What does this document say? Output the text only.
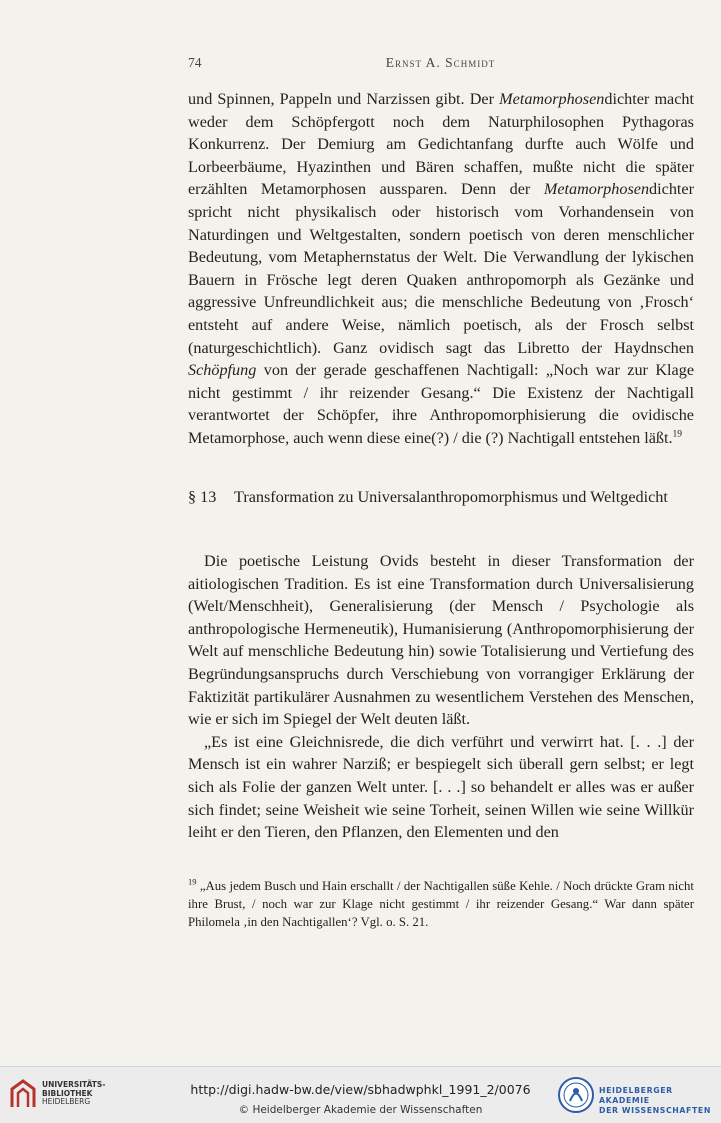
74	Ernst A. Schmidt

und Spinnen, Pappeln und Narzissen gibt. Der Metamorphosendichter macht weder dem Schöpfergott noch dem Naturphilosophen Pythagoras Konkurrenz. Der Demiurg am Gedichtanfang durfte auch Wölfe und Lorbeerbäume, Hyazinthen und Bären schaffen, mußte nicht die später erzählten Metamorphosen aussparen. Denn der Metamorphosendichter spricht nicht physikalisch oder historisch vom Vorhandensein von Naturdingen und Weltgestalten, sondern poetisch von deren menschlicher Bedeutung, vom Metaphernstatus der Welt. Die Verwandlung der lykischen Bauern in Frösche legt deren Quaken anthropomorph als Gezänke und aggressive Unfreundlichkeit aus; die menschliche Bedeutung von ‚Frosch‘ entsteht auf andere Weise, nämlich poetisch, als der Frosch selbst (naturgeschichtlich). Ganz ovidisch sagt das Libretto der Haydnschen Schöpfung von der gerade geschaffenen Nachtigall: „Noch war zur Klage nicht gestimmt / ihr reizender Gesang.“ Die Existenz der Nachtigall verantwortet der Schöpfer, ihre Anthropomorphisierung die ovidische Metamorphose, auch wenn diese eine(?) / die (?) Nachtigall entstehen läßt.$^{19}$

§ 13	Transformation zu Universalanthropomorphismus und Weltgedicht

Die poetische Leistung Ovids besteht in dieser Transformation der aitiologischen Tradition. Es ist eine Transformation durch Universalisierung (Welt/Menschheit), Generalisierung (der Mensch / Psychologie als anthropologische Hermeneutik), Humanisierung (Anthropomorphisierung der Welt auf menschliche Bedeutung hin) sowie Totalisierung und Vertiefung des Begründungsanspruchs durch Verschiebung von vorrangiger Erklärung der Faktizität partikulärer Ausnahmen zu wesentlichem Verstehen des Menschen, wie er sich im Spiegel der Welt deuten läßt.

„Es ist eine Gleichnisrede, die dich verführt und verwirrt hat. [. . .] der Mensch ist ein wahrer Narziß; er bespiegelt sich überall gern selbst; er legt sich als Folie der ganzen Welt unter. [. . .] so behandelt er alles was er außer sich findet; seine Weisheit wie seine Torheit, seinen Willen wie seine Willkür leiht er den Tieren, den Pflanzen, den Elementen und den

$^{19}$ „Aus jedem Busch und Hain erschallt / der Nachtigallen süße Kehle. / Noch drückte Gram nicht ihre Brust, / noch war zur Klage nicht gestimmt / ihr reizender Gesang.“ War dann später Philomela ‚in den Nachtigallen‘? Vgl. o. S. 21.
UNIVERSITÄTS-
BIBLIOTHEK
HEIDELBERG
http://digi.hadw-bw.de/view/sbhadwphkl_1991_2/0076
© Heidelberger Akademie der Wissenschaften
HEIDELBERGER AKADEMIE
DER WISSENSCHAFTEN
